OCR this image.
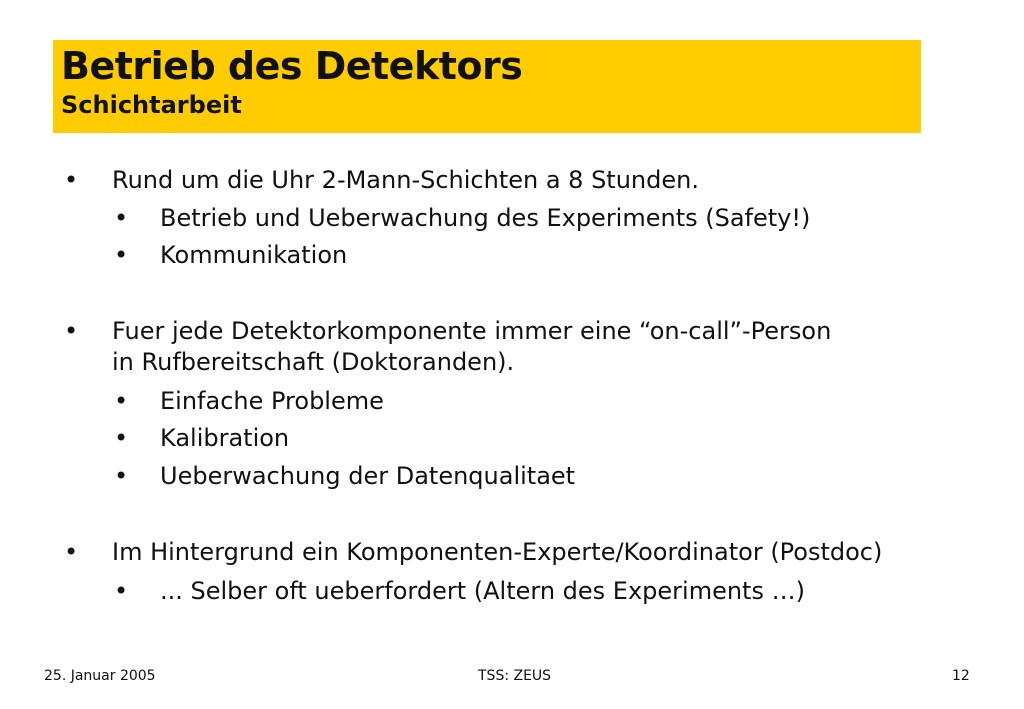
Betrieb des Detektors
Schichtarbeit
• Rund um die Uhr 2-Mann-Schichten a 8 Stunden.
• Betrieb und Ueberwachung des Experiments (Safety!)
• Kommunikation
• Fuer jede Detektorkomponente immer eine “on-call”-Person
in Rufbereitschaft (Doktoranden).
• Einfache Probleme
• Kalibration
• Ueberwachung der Datenqualitaet
• Im Hintergrund ein Komponenten-Experte/Koordinator (Postdoc)
• ... Selber oft ueberfordert (Altern des Experiments …)
25. Januar 2005	TSS: ZEUS	12
